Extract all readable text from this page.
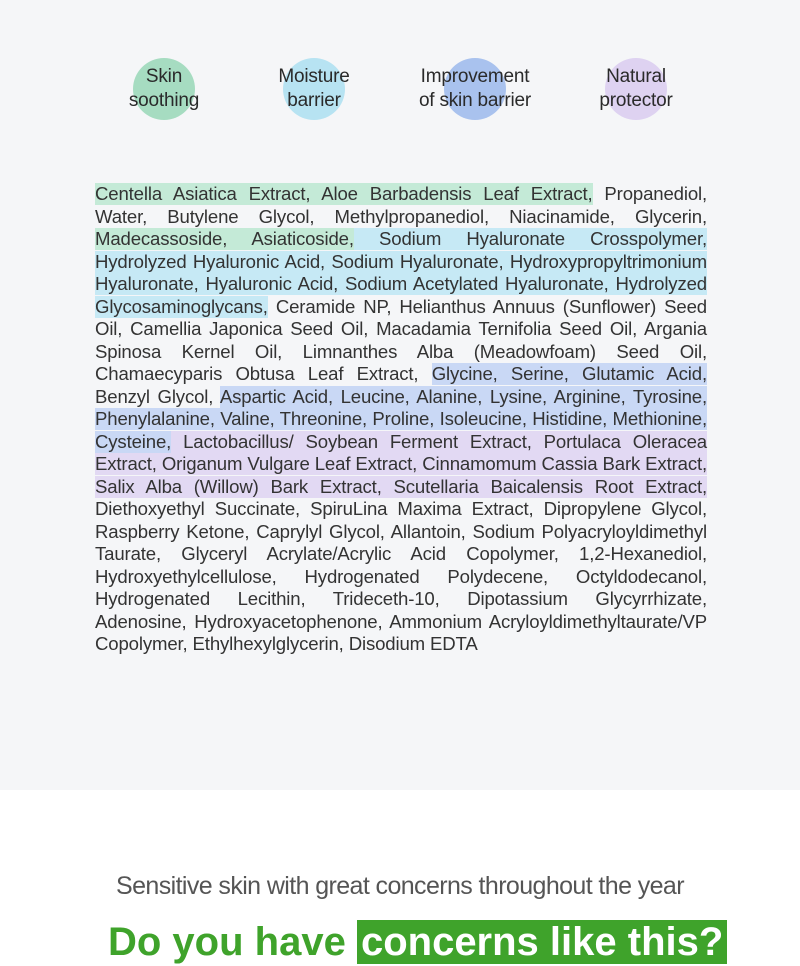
Skin
soothing
Moisture
barrier
Improvement
of skin barrier
Natural
protector
Centella Asiatica Extract, Aloe Barbadensis Leaf Extract, Propanediol, Water, Butylene Glycol, Methylpropanediol, Niacinamide, Glycerin, Madecassoside, Asiaticoside, Sodium Hyaluronate Crosspolymer, Hydrolyzed Hyaluronic Acid, Sodium Hyaluronate, Hydroxypropyltrimonium Hyaluronate, Hyaluronic Acid, Sodium Acetylated Hyaluronate, Hydrolyzed Glycosaminoglycans, Ceramide NP, Helianthus Annuus (Sunflower) Seed Oil, Camellia Japonica Seed Oil, Macadamia Ternifolia Seed Oil, Argania Spinosa Kernel Oil, Limnanthes Alba (Meadowfoam) Seed Oil, Chamaecyparis Obtusa Leaf Extract, Glycine, Serine, Glutamic Acid, Benzyl Glycol, Aspartic Acid, Leucine, Alanine, Lysine, Arginine, Tyrosine, Phenylalanine, Valine, Threonine, Proline, Isoleucine, Histidine, Methionine, Cysteine, Lactobacillus/ Soybean Ferment Extract, Portulaca Oleracea Extract, Origanum Vulgare Leaf Extract, Cinnamomum Cassia Bark Extract, Salix Alba (Willow) Bark Extract, Scutellaria Baicalensis Root Extract, Diethoxyethyl Succinate, SpiruLina Maxima Extract, Dipropylene Glycol, Raspberry Ketone, Caprylyl Glycol, Allantoin, Sodium Polyacryloyldimethyl Taurate, Glyceryl Acrylate/Acrylic Acid Copolymer, 1,2-Hexanediol, Hydroxyethylcellulose, Hydrogenated Polydecene, Octyldodecanol, Hydrogenated Lecithin, Trideceth-10, Dipotassium Glycyrrhizate, Adenosine, Hydroxyacetophenone, Ammonium Acryloyldimethyltaurate/VP Copolymer, Ethylhexylglycerin, Disodium EDTA
Sensitive skin with great concerns throughout the year
Do you have concerns like this?
